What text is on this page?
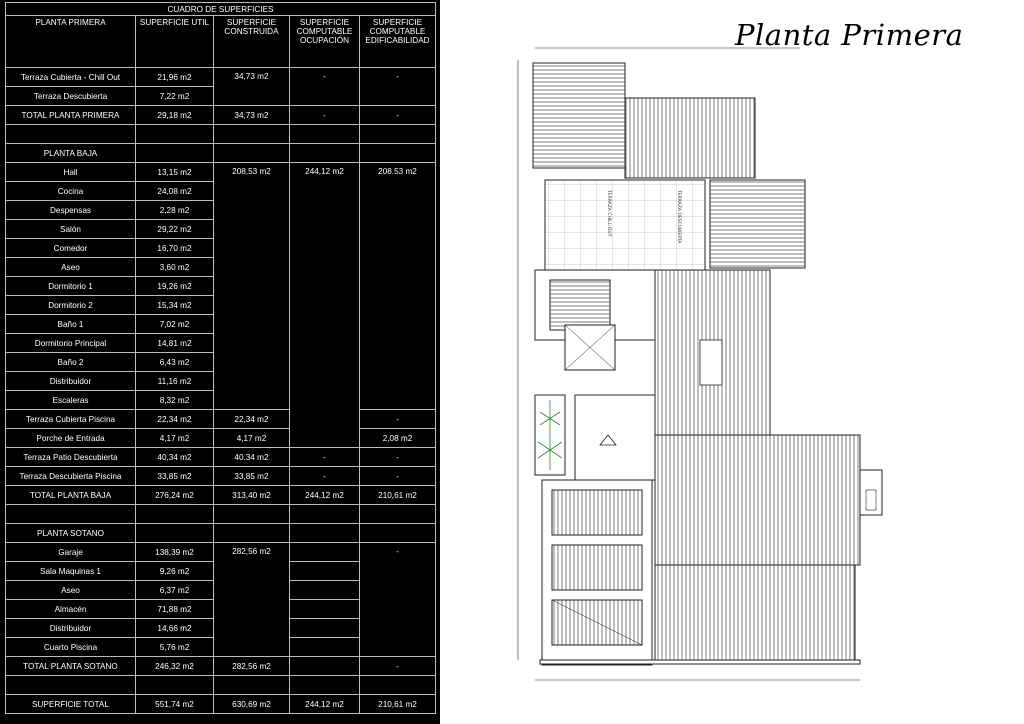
CUADRO DE SUPERFICIES				
PLANTA PRIMERA	SUPERFICIE UTIL	SUPERFICIE CONSTRUIDA	SUPERFICIE COMPUTABLE OCUPACIÓN	SUPERFICIE COMPUTABLE EDIFICABILIDAD
Terraza Cubierta - Chill Out	21,96 m2	34,73 m2	-	-
Terraza Descubierta	7,22 m2			
TOTAL PLANTA PRIMERA	29,18 m2	34,73 m2	-	-

PLANTA BAJA				
Hall	13,15 m2	208,53 m2	244,12 m2	208.53 m2
Cocina	24,08 m2			
Despensas	2,28 m2			
Salón	29,22 m2			
Comedor	16,70 m2			
Aseo	3,60 m2			
Dormitorio 1	19,26 m2			
Dormitorio 2	15,34 m2			
Baño 1	7,02 m2			
Dormitorio Principal	14,81 m2			
Baño 2	6,43 m2			
Distribuidor	11,16 m2			
Escaleras	8,32 m2			
Terraza Cubierta Piscina	22,34 m2	22,34 m2		-
Porche de Entrada	4,17 m2	4,17 m2		2,08 m2
Terraza Patio Descubierta	40,34 m2	40.34 m2	-	-
Terraza Descubierta Piscina	33,85 m2	33,85 m2	-	-
TOTAL PLANTA BAJA	276,24 m2	313,40 m2	244,12 m2	210,61 m2

PLANTA SOTANO				
Garaje	138,39 m2	282,56 m2		-
Sala Maquinas 1	9,26 m2			
Aseo	6,37 m2			
Almacén	71,88 m2			
Distribuidor	14,66 m2			
Cuarto Piscina	5,76 m2			
TOTAL PLANTA SOTANO	246,32 m2	282,56 m2		-

SUPERFICIE TOTAL	551,74 m2	630,69 m2	244,12 m2	210,61 m2
Planta Primera
TERRAZA CHILL-OUT	TERRAZA DESCUBIERTA
